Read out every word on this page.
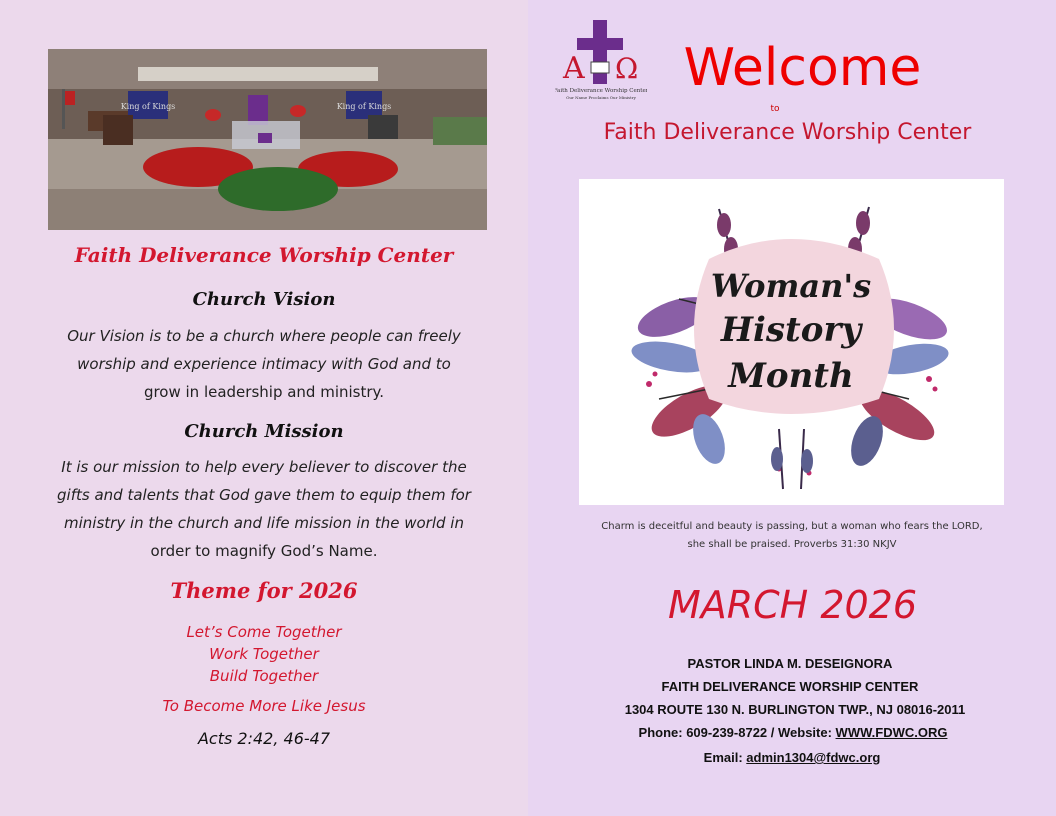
King of Kings	King of Kings
Faith Deliverance Worship Center
Church Vision
Our Vision is to be a church where people can freely
worship and experience intimacy with God and to
grow in leadership and ministry.
Church Mission
It is our mission to help every believer to discover the
gifts and talents that God gave them to equip them for
ministry in the church and life mission in the world in
order to magnify God’s Name.
Theme for 2026
Let’s Come Together
Work Together
Build Together
To Become More Like Jesus
Acts 2:42, 46-47
A Ω
Faith Deliverance Worship Center
Our Name Proclaims Our Ministry Welcome
to
Faith Deliverance Worship Center
Woman's
History
Month
Charm is deceitful and beauty is passing, but a woman who fears the LORD,
she shall be praised. Proverbs 31:30 NKJV
MARCH 2026
PASTOR LINDA M. DESEIGNORA
FAITH DELIVERANCE WORSHIP CENTER
1304 ROUTE 130 N. BURLINGTON TWP., NJ 08016-2011
Phone: 609-239-8722 / Website: WWW.FDWC.ORG
Email: admin1304@fdwc.org
